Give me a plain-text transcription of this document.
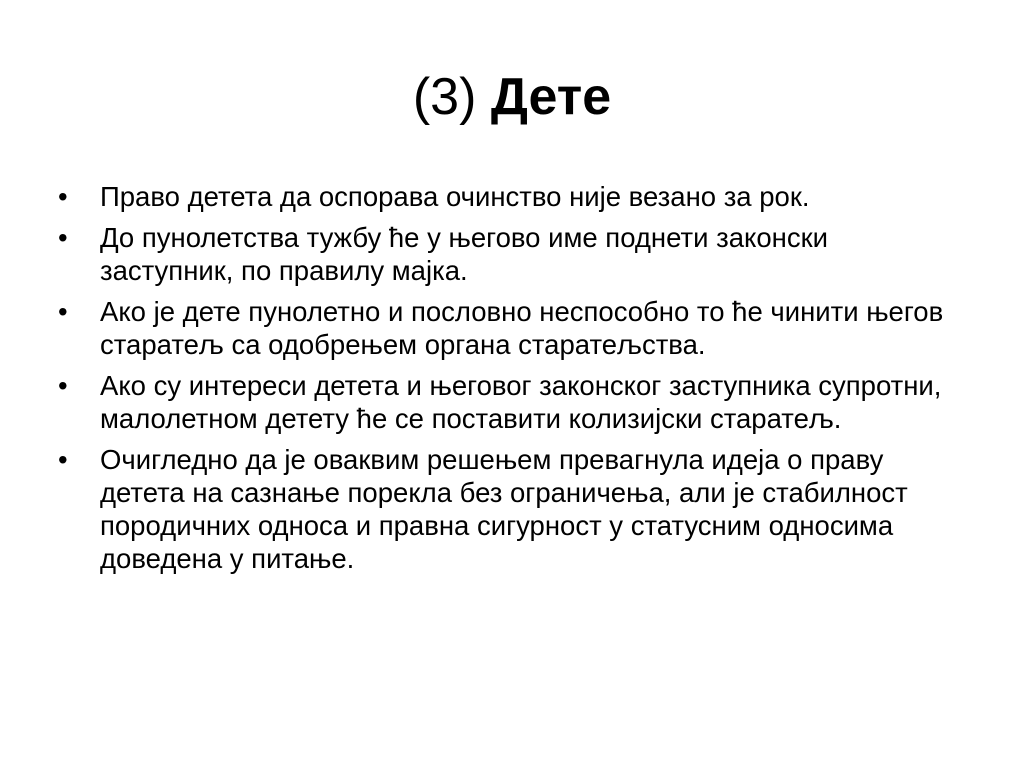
(3) Дете
•	Право детета да оспорава очинство није везано за рок.
•	До пунолетства тужбу ће у његово име поднети законски заступник, по правилу мајка.
•	Ако је дете пунолетно и пословно неспособно то ће чинити његов старатељ са одобрењем органа старатељства.
•	Ако су интереси детета и његовог законског заступника супротни, малолетном детету ће се поставити колизијски старатељ.
•	Очигледно да је оваквим решењем превагнула идеја о праву детета на сазнање порекла без ограничења, али је стабилност породичних односа и правна сигурност у статусним односима доведена у питање.
